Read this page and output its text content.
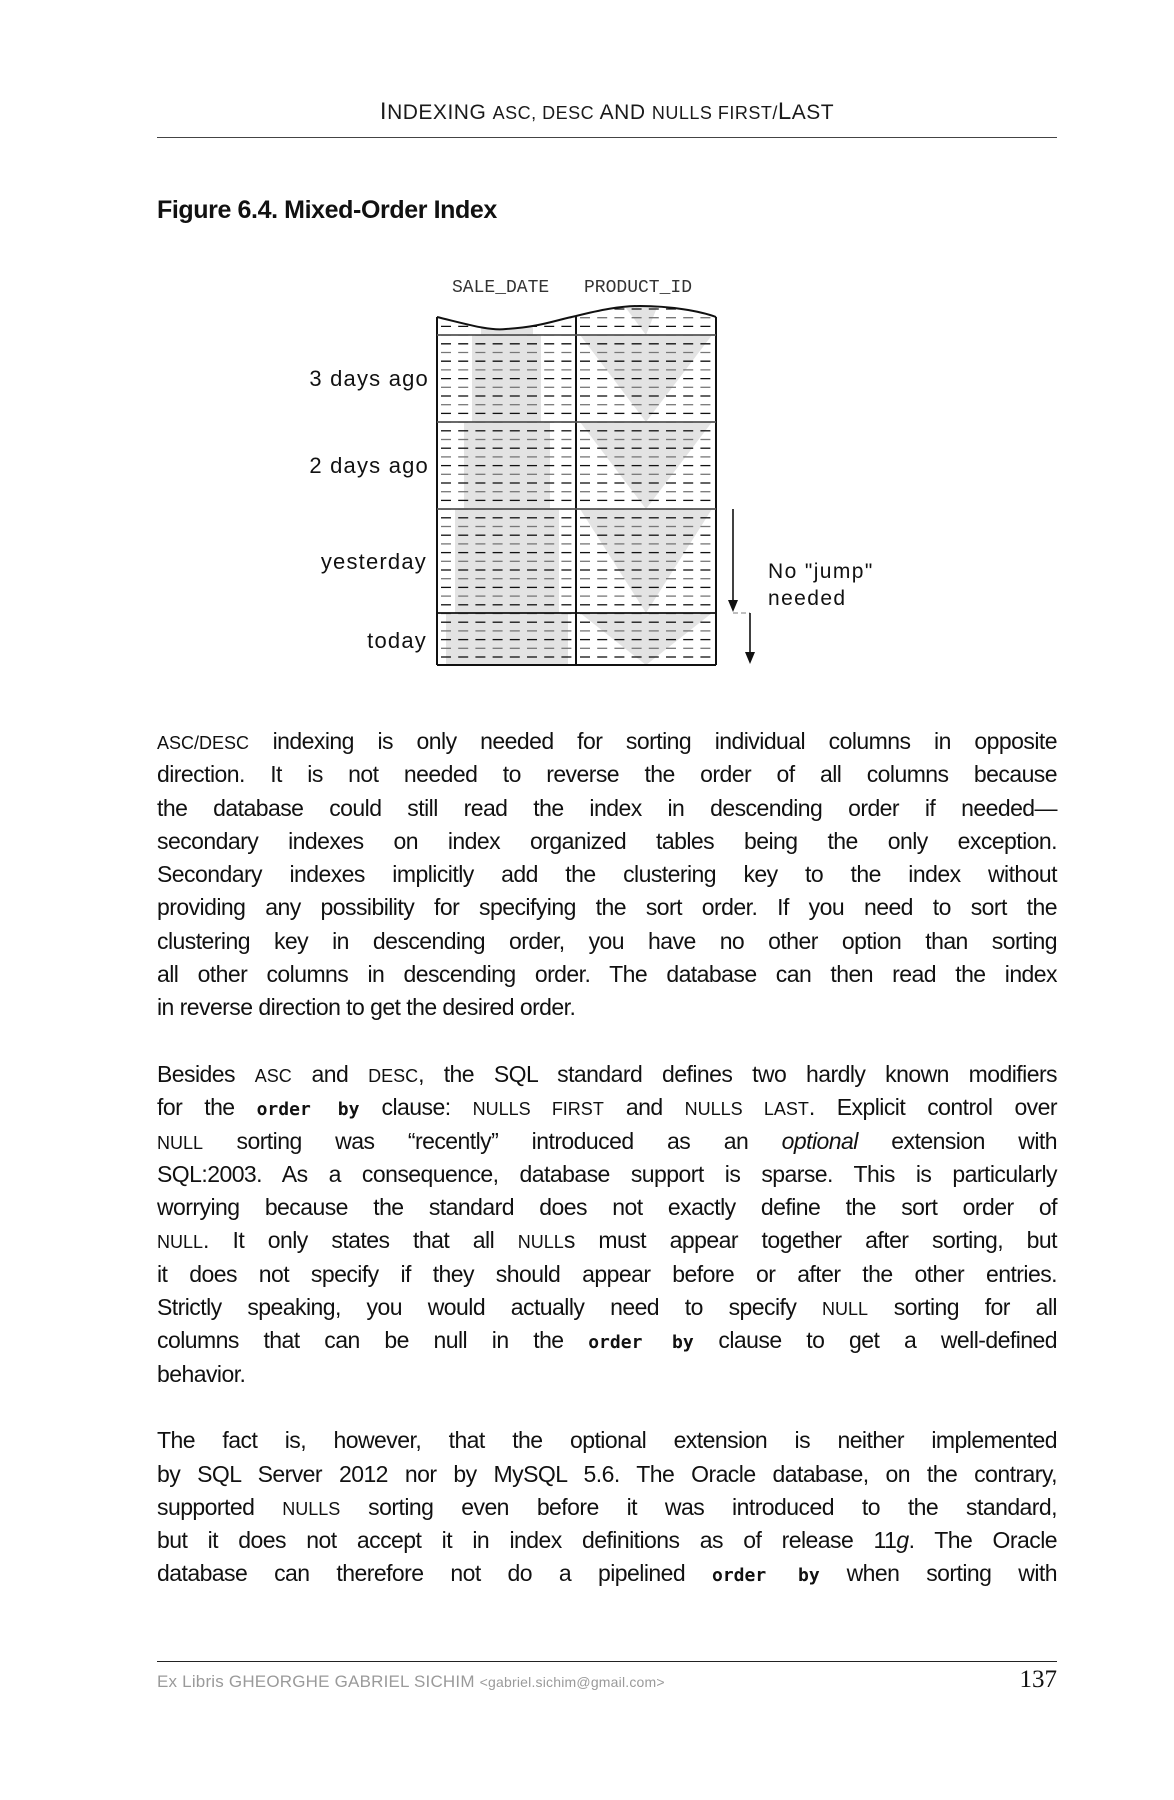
INDEXING ASC, DESC AND NULLS FIRST/LAST
Figure 6.4. Mixed-Order Index
SALE_DATE PRODUCT_ID
3 days ago
2 days ago
yesterday
today
No "jump"
needed
ASC/DESC indexing is only needed for sorting individual columns in opposite
direction. It is not needed to reverse the order of all columns because
the database could still read the index in descending order if needed—
secondary indexes on index organized tables being the only exception.
Secondary indexes implicitly add the clustering key to the index without
providing any possibility for specifying the sort order. If you need to sort the
clustering key in descending order, you have no other option than sorting
all other columns in descending order. The database can then read the index
in reverse direction to get the desired order.
Besides ASC and DESC, the SQL standard defines two hardly known modifiers
for the order by clause: NULLS FIRST and NULLS LAST. Explicit control over
NULL sorting was “recently” introduced as an optional extension with
SQL:2003. As a consequence, database support is sparse. This is particularly
worrying because the standard does not exactly define the sort order of
NULL. It only states that all NULLs must appear together after sorting, but
it does not specify if they should appear before or after the other entries.
Strictly speaking, you would actually need to specify NULL sorting for all
columns that can be null in the order by clause to get a well-defined
behavior.
The fact is, however, that the optional extension is neither implemented
by SQL Server 2012 nor by MySQL 5.6. The Oracle database, on the contrary,
supported NULLS sorting even before it was introduced to the standard,
but it does not accept it in index definitions as of release 11g. The Oracle
database can therefore not do a pipelined order by when sorting with
Ex Libris GHEORGHE GABRIEL SICHIM <gabriel.sichim@gmail.com>	137
